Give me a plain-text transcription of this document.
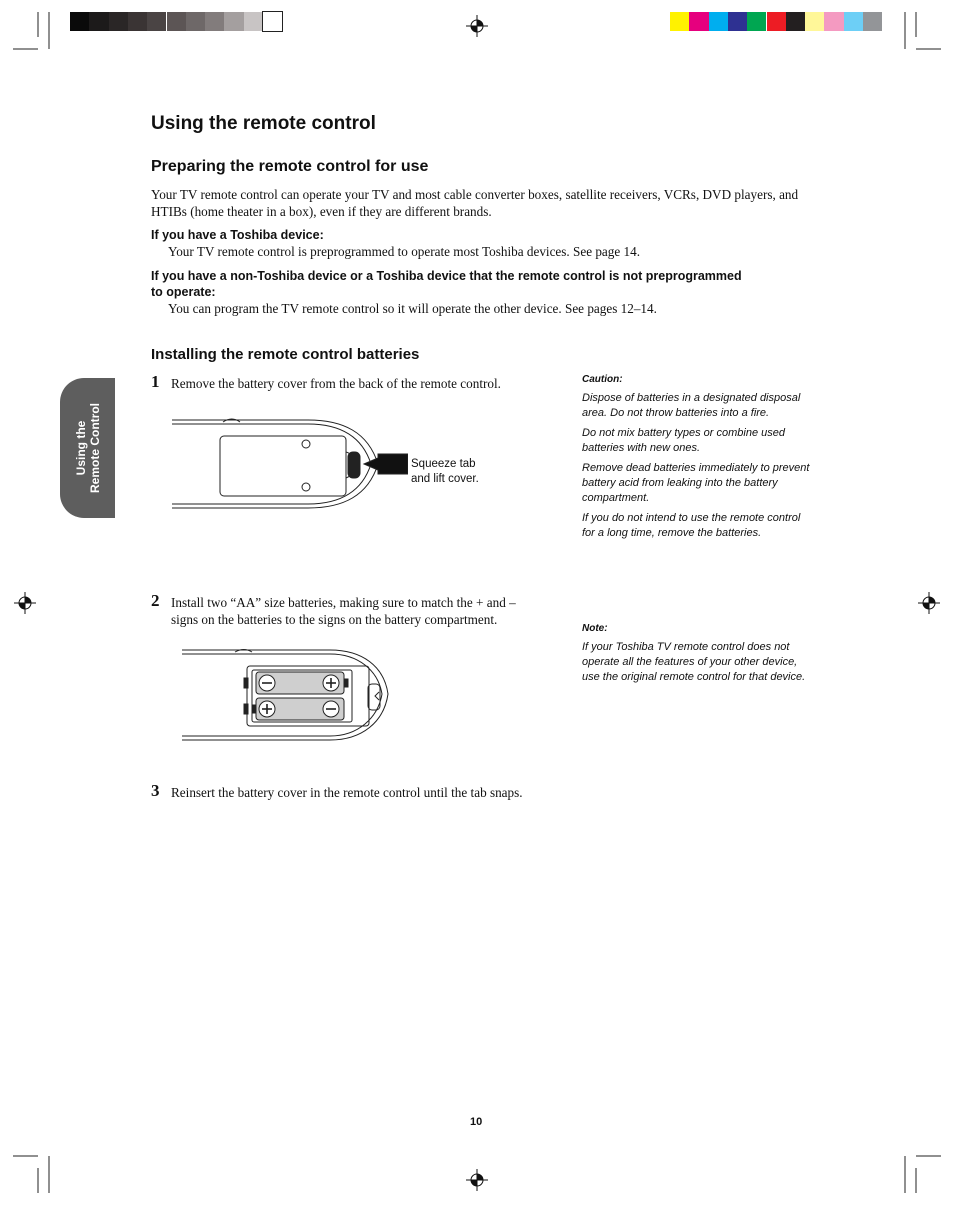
Using the remote control
Preparing the remote control for use
Your TV remote control can operate your TV and most cable converter boxes, satellite receivers, VCRs, DVD players, and HTIBs (home theater in a box), even if they are different brands.
If you have a Toshiba device:
Your TV remote control is preprogrammed to operate most Toshiba devices. See page 14.
If you have a non-Toshiba device or a Toshiba device that the remote control is not preprogrammed
to operate:
You can program the TV remote control so it will operate the other device. See pages 12–14.
Installing the remote control batteries
1 Remove the battery cover from the back of the remote control.
Squeeze tab
and lift cover.
Caution:
Dispose of batteries in a designated disposal
area. Do not throw batteries into a fire.
Do not mix battery types or combine used
batteries with new ones.
Remove dead batteries immediately to prevent
battery acid from leaking into the battery
compartment.
If you do not intend to use the remote control
for a long time, remove the batteries.
2 Install two “AA” size batteries, making sure to match the + and –
signs on the batteries to the signs on the battery compartment.
Note:
If your Toshiba TV remote control does not
operate all the features of your other device,
use the original remote control for that device.
3 Reinsert the battery cover in the remote control until the tab snaps.
Using the Remote Control
10
